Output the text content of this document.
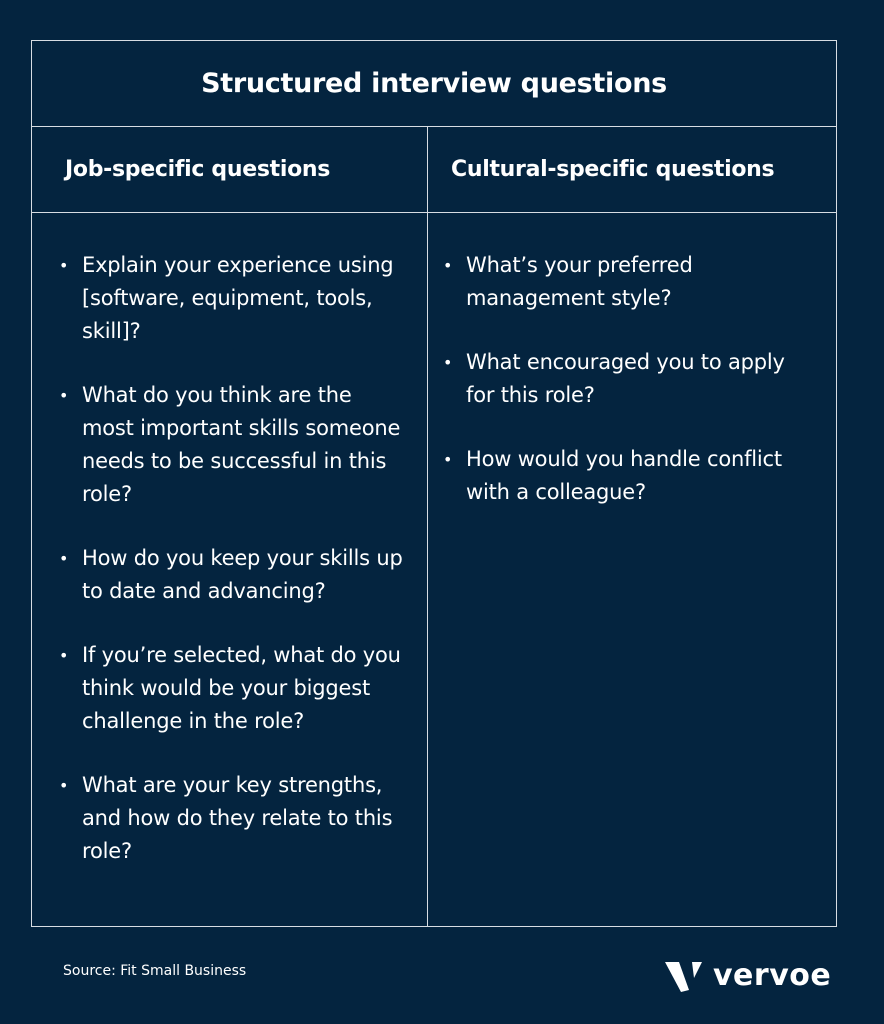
Structured interview questions
Job-specific questions
• Explain your experience using [software, equipment, tools, skill]?
• What do you think are the most important skills someone needs to be successful in this role?
• How do you keep your skills up to date and advancing?
• If you’re selected, what do you think would be your biggest challenge in the role?
• What are your key strengths, and how do they relate to this role?
Cultural-specific questions
• What’s your preferred management style?
• What encouraged you to apply for this role?
• How would you handle conflict with a colleague?
Source: Fit Small Business	vervoe
